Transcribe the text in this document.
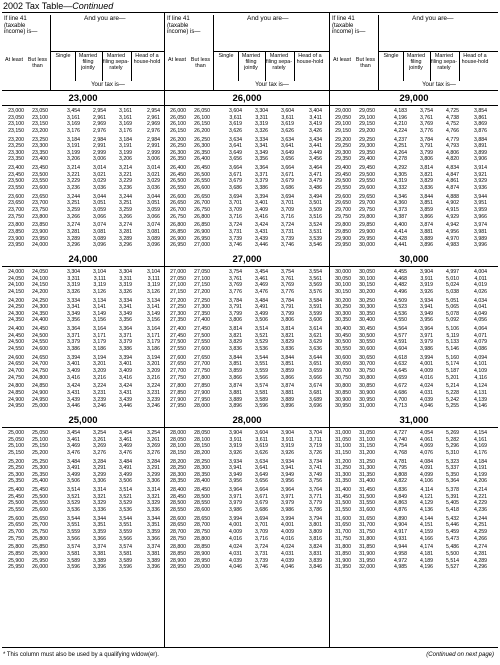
2002 Tax Table—Continued
If line 41
(taxable
income) is—
And you are—
At least But less than
Single	Married filing jointly
Married filing sepa-rately
Head of a house-hold
Your tax is—
23,000
23,000 23,050	3,454	2,954	3,161	2,954
23,050 23,100	3,161	2,961	3,161	2,961
23,100 23,150	3,169	2,969	3,169	2,969
23,150 23,200	3,176	2,976	3,176	2,976
23,200 23,250	3,184	2,984	3,184	2,984
23,250 23,300	3,191	2,991	3,191	2,991
23,300 23,350	3,199	2,999	3,199	2,999
23,350 23,400	3,206	3,006	3,206	3,006
23,400 23,450	3,214	3,014	3,214	3,014
23,450 23,500	3,221	3,021	3,221	3,021
23,500 23,550	3,229	3,029	3,229	3,029
23,550 23,600	3,236	3,036	3,236	3,036
23,600 23,650	3,244	3,044	3,244	3,044
23,650 23,700	3,251	3,051	3,251	3,051
23,700 23,750	3,259	3,059	3,259	3,059
23,750 23,800	3,266	3,066	3,266	3,066
23,800 23,850	3,274	3,074	3,274	3,074
23,850 23,900	3,281	3,081	3,281	3,081
23,900 23,950	3,289	3,089	3,289	3,089
23,950 24,000	3,296	3,096	3,296	3,096
24,000
24,000 24,050	3,304	3,104	3,304	3,104
24,050 24,100	3,311	3,111	3,311	3,111
24,100 24,150	3,319	3,119	3,319	3,119
24,150 24,200	3,326	3,126	3,326	3,126
24,200 24,250	3,334	3,134	3,334	3,134
24,250 24,300	3,341	3,141	3,341	3,141
24,300 24,350	3,349	3,149	3,349	3,149
24,350 24,400	3,356	3,156	3,356	3,156
24,400 24,450	3,364	3,164	3,364	3,164
24,450 24,500	3,371	3,171	3,371	3,171
24,500 24,550	3,379	3,179	3,379	3,179
24,550 24,600	3,386	3,186	3,386	3,186
24,600 24,650	3,394	3,194	3,394	3,194
24,650 24,700	3,401	3,201	3,401	3,201
24,700 24,750	3,409	3,209	3,409	3,209
24,750 24,800	3,416	3,216	3,416	3,216
24,800 24,850	3,424	3,224	3,424	3,224
24,850 24,900	3,431	3,231	3,431	3,231
24,900 24,950	3,439	3,239	3,439	3,239
24,950 25,000	3,446	3,246	3,446	3,246
25,000
25,000 25,050	3,454	3,254	3,454	3,254
25,050 25,100	3,461	3,261	3,461	3,261
25,100 25,150	3,469	3,269	3,469	3,269
25,150 25,200	3,476	3,276	3,476	3,276
25,200 25,250	3,484	3,284	3,484	3,284
25,250 25,300	3,491	3,291	3,491	3,291
25,300 25,350	3,499	3,299	3,499	3,299
25,350 25,400	3,506	3,306	3,506	3,306
25,400 25,450	3,514	3,314	3,514	3,314
25,450 25,500	3,521	3,321	3,521	3,321
25,500 25,550	3,529	3,329	3,529	3,329
25,550 25,600	3,536	3,336	3,536	3,336
25,600 25,650	3,544	3,344	3,544	3,344
25,650 25,700	3,551	3,351	3,551	3,351
25,700 25,750	3,559	3,359	3,559	3,359
25,750 25,800	3,566	3,366	3,566	3,366
25,800 25,850	3,574	3,374	3,574	3,374
25,850 25,900	3,581	3,381	3,581	3,381
25,900 25,950	3,589	3,389	3,589	3,389
25,950 26,000	3,596	3,396	3,596	3,396
If line 41
(taxable
income) is—
And you are—
At least But less than
Single	Married filing jointly
Married filing sepa-rately
Head of a house-hold
Your tax is—
26,000
26,000 26,050	3,604	3,304	3,604	3,404
26,050 26,100	3,611	3,311	3,611	3,411
26,100 26,150	3,619	3,319	3,619	3,419
26,150 26,200	3,626	3,326	3,626	3,426
26,200 26,250	3,634	3,334	3,634	3,434
26,250 26,300	3,641	3,341	3,641	3,441
26,300 26,350	3,649	3,349	3,649	3,449
26,350 26,400	3,656	3,356	3,656	3,456
26,400 26,450	3,664	3,364	3,664	3,464
26,450 26,500	3,671	3,371	3,671	3,471
26,500 26,550	3,679	3,379	3,679	3,479
26,550 26,600	3,686	3,386	3,686	3,486
26,600 26,650	3,694	3,394	3,694	3,494
26,650 26,700	3,701	3,401	3,701	3,501
26,700 26,750	3,709	3,409	3,709	3,509
26,750 26,800	3,716	3,416	3,716	3,516
26,800 26,850	3,724	3,424	3,724	3,524
26,850 26,900	3,731	3,431	3,731	3,531
26,900 26,950	3,739	3,439	3,739	3,539
26,950 27,000	3,746	3,446	3,746	3,546
27,000
27,000 27,050	3,754	3,454	3,754	3,554
27,050 27,100	3,761	3,461	3,761	3,561
27,100 27,150	3,769	3,469	3,769	3,569
27,150 27,200	3,776	3,476	3,776	3,576
27,200 27,250	3,784	3,484	3,784	3,584
27,250 27,300	3,791	3,491	3,791	3,591
27,300 27,350	3,799	3,499	3,799	3,599
27,350 27,400	3,806	3,506	3,806	3,606
27,400 27,450	3,814	3,514	3,814	3,614
27,450 27,500	3,821	3,521	3,821	3,621
27,500 27,550	3,829	3,529	3,829	3,629
27,550 27,600	3,836	3,536	3,836	3,636
27,600 27,650	3,844	3,544	3,844	3,644
27,650 27,700	3,851	3,551	3,851	3,651
27,700 27,750	3,859	3,559	3,859	3,659
27,750 27,800	3,866	3,566	3,866	3,666
27,800 27,850	3,874	3,574	3,874	3,674
27,850 27,900	3,881	3,581	3,881	3,681
27,900 27,950	3,889	3,589	3,889	3,689
27,950 28,000	3,896	3,596	3,896	3,696
28,000
28,000 28,050	3,904	3,604	3,904	3,704
28,050 28,100	3,911	3,611	3,911	3,711
28,100 28,150	3,919	3,619	3,919	3,719
28,150 28,200	3,926	3,626	3,926	3,726
28,200 28,250	3,934	3,634	3,934	3,734
28,250 28,300	3,941	3,641	3,941	3,741
28,300 28,350	3,949	3,649	3,949	3,749
28,350 28,400	3,956	3,656	3,956	3,756
28,400 28,450	3,964	3,664	3,964	3,764
28,450 28,500	3,971	3,671	3,971	3,771
28,500 28,550	3,979	3,679	3,979	3,779
28,550 28,600	3,986	3,686	3,986	3,786
28,600 28,650	3,994	3,694	3,994	3,794
28,650 28,700	4,001	3,701	4,001	3,801
28,700 28,750	4,009	3,709	4,009	3,809
28,750 28,800	4,016	3,716	4,016	3,816
28,800 28,850	4,024	3,724	4,024	3,824
28,850 28,900	4,031	3,731	4,031	3,831
28,900 28,950	4,039	3,739	4,039	3,839
28,950 29,000	4,046	3,746	4,046	3,846
If line 41
(taxable
income) is—
And you are—
At least But less than
Single	Married filing jointly
Married filing sepa-rately
Head of a house-hold
Your tax is—
29,000
29,000 29,050	4,183	3,754	4,725	3,854
29,050 29,100	4,196	3,761	4,738	3,861
29,100 29,150	4,210	3,769	4,752	3,869
29,150 29,200	4,224	3,776	4,766	3,876
29,200 29,250	4,237	3,784	4,779	3,884
29,250 29,300	4,251	3,791	4,793	3,891
29,300 29,350	4,264	3,799	4,806	3,899
29,350 29,400	4,278	3,806	4,820	3,906
29,400 29,450	4,292	3,814	4,834	3,914
29,450 29,500	4,305	3,821	4,847	3,921
29,500 29,550	4,319	3,829	4,861	3,929
29,550 29,600	4,332	3,836	4,874	3,936
29,600 29,650	4,346	3,844	4,888	3,944
29,650 29,700	4,360	3,851	4,902	3,951
29,700 29,750	4,373	3,859	4,915	3,959
29,750 29,800	4,387	3,866	4,929	3,966
29,800 29,850	4,400	3,874	4,942	3,974
29,850 29,900	4,414	3,881	4,956	3,981
29,900 29,950	4,428	3,889	4,970	3,989
29,950 30,000	4,441	3,896	4,983	3,996
30,000
30,000 30,050	4,455	3,904	4,997	4,004
30,050 30,100	4,468	3,911	5,010	4,011
30,100 30,150	4,482	3,919	5,024	4,019
30,150 30,200	4,496	3,926	5,038	4,026
30,200 30,250	4,509	3,934	5,051	4,034
30,250 30,300	4,523	3,941	5,065	4,041
30,300 30,350	4,536	3,949	5,078	4,049
30,350 30,400	4,550	3,956	5,092	4,056
30,400 30,450	4,564	3,964	5,106	4,064
30,450 30,500	4,577	3,971	5,119	4,071
30,500 30,550	4,591	3,979	5,133	4,079
30,550 30,600	4,604	3,986	5,146	4,086
30,600 30,650	4,618	3,994	5,160	4,094
30,650 30,700	4,632	4,001	5,174	4,101
30,700 30,750	4,645	4,009	5,187	4,109
30,750 30,800	4,659	4,016	5,201	4,116
30,800 30,850	4,672	4,024	5,214	4,124
30,850 30,900	4,686	4,031	5,228	4,131
30,900 30,950	4,700	4,039	5,242	4,139
30,950 31,000	4,713	4,046	5,255	4,146
31,000
31,000 31,050	4,727	4,054	5,269	4,154
31,050 31,100	4,740	4,061	5,282	4,161
31,100 31,150	4,754	4,069	5,296	4,169
31,150 31,200	4,768	4,076	5,310	4,176
31,200 31,250	4,781	4,084	5,323	4,184
31,250 31,300	4,795	4,091	5,337	4,191
31,300 31,350	4,808	4,099	5,350	4,199
31,350 31,400	4,822	4,106	5,364	4,206
31,400 31,450	4,836	4,114	5,378	4,214
31,450 31,500	4,849	4,121	5,391	4,221
31,500 31,550	4,863	4,129	5,405	4,229
31,550 31,600	4,876	4,136	5,418	4,236
31,600 31,650	4,890	4,144	5,432	4,244
31,650 31,700	4,904	4,151	5,446	4,251
31,700 31,750	4,917	4,159	5,459	4,259
31,750 31,800	4,931	4,166	5,473	4,266
31,800 31,850	4,944	4,174	5,486	4,274
31,850 31,900	4,958	4,181	5,500	4,281
31,900 31,950	4,972	4,189	5,514	4,289
31,950 32,000	4,985	4,196	5,527	4,296
* This column must also be used by a qualifying widow(er).	(Continued on next page)
